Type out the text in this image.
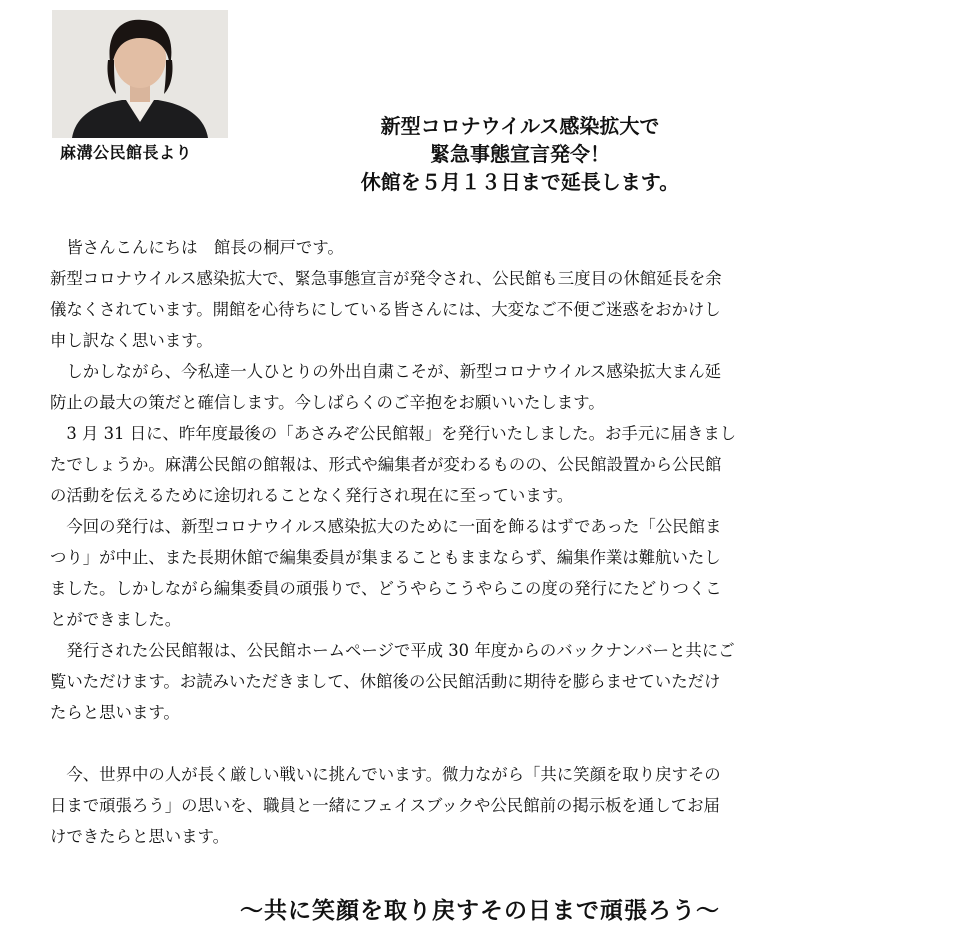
麻溝公民館長より
新型コロナウイルス感染拡大で
緊急事態宣言発令！
休館を５月１３日まで延長します。

　皆さんこんにちは　館長の桐戸です。

新型コロナウイルス感染拡大で、緊急事態宣言が発令され、公民館も三度目の休館延長を余

儀なくされています。開館を心待ちにしている皆さんには、大変なご不便ご迷惑をおかけし

申し訳なく思います。

　しかしながら、今私達一人ひとりの外出自粛こそが、新型コロナウイルス感染拡大まん延

防止の最大の策だと確信します。今しばらくのご辛抱をお願いいたします。

　3 月 31 日に、昨年度最後の「あさみぞ公民館報」を発行いたしました。お手元に届きまし

たでしょうか。麻溝公民館の館報は、形式や編集者が変わるものの、公民館設置から公民館

の活動を伝えるために途切れることなく発行され現在に至っています。

　今回の発行は、新型コロナウイルス感染拡大のために一面を飾るはずであった「公民館ま

つり」が中止、また長期休館で編集委員が集まることもままならず、編集作業は難航いたし

ました。しかしながら編集委員の頑張りで、どうやらこうやらこの度の発行にたどりつくこ

とができました。

　発行された公民館報は、公民館ホームページで平成 30 年度からのバックナンバーと共にご

覧いただけます。お読みいただきまして、休館後の公民館活動に期待を膨らませていただけ

たらと思います。

　今、世界中の人が長く厳しい戦いに挑んでいます。微力ながら「共に笑顔を取り戻すその

日まで頑張ろう」の思いを、職員と一緒にフェイスブックや公民館前の掲示板を通してお届

けできたらと思います。

～共に笑顔を取り戻すその日まで頑張ろう～
